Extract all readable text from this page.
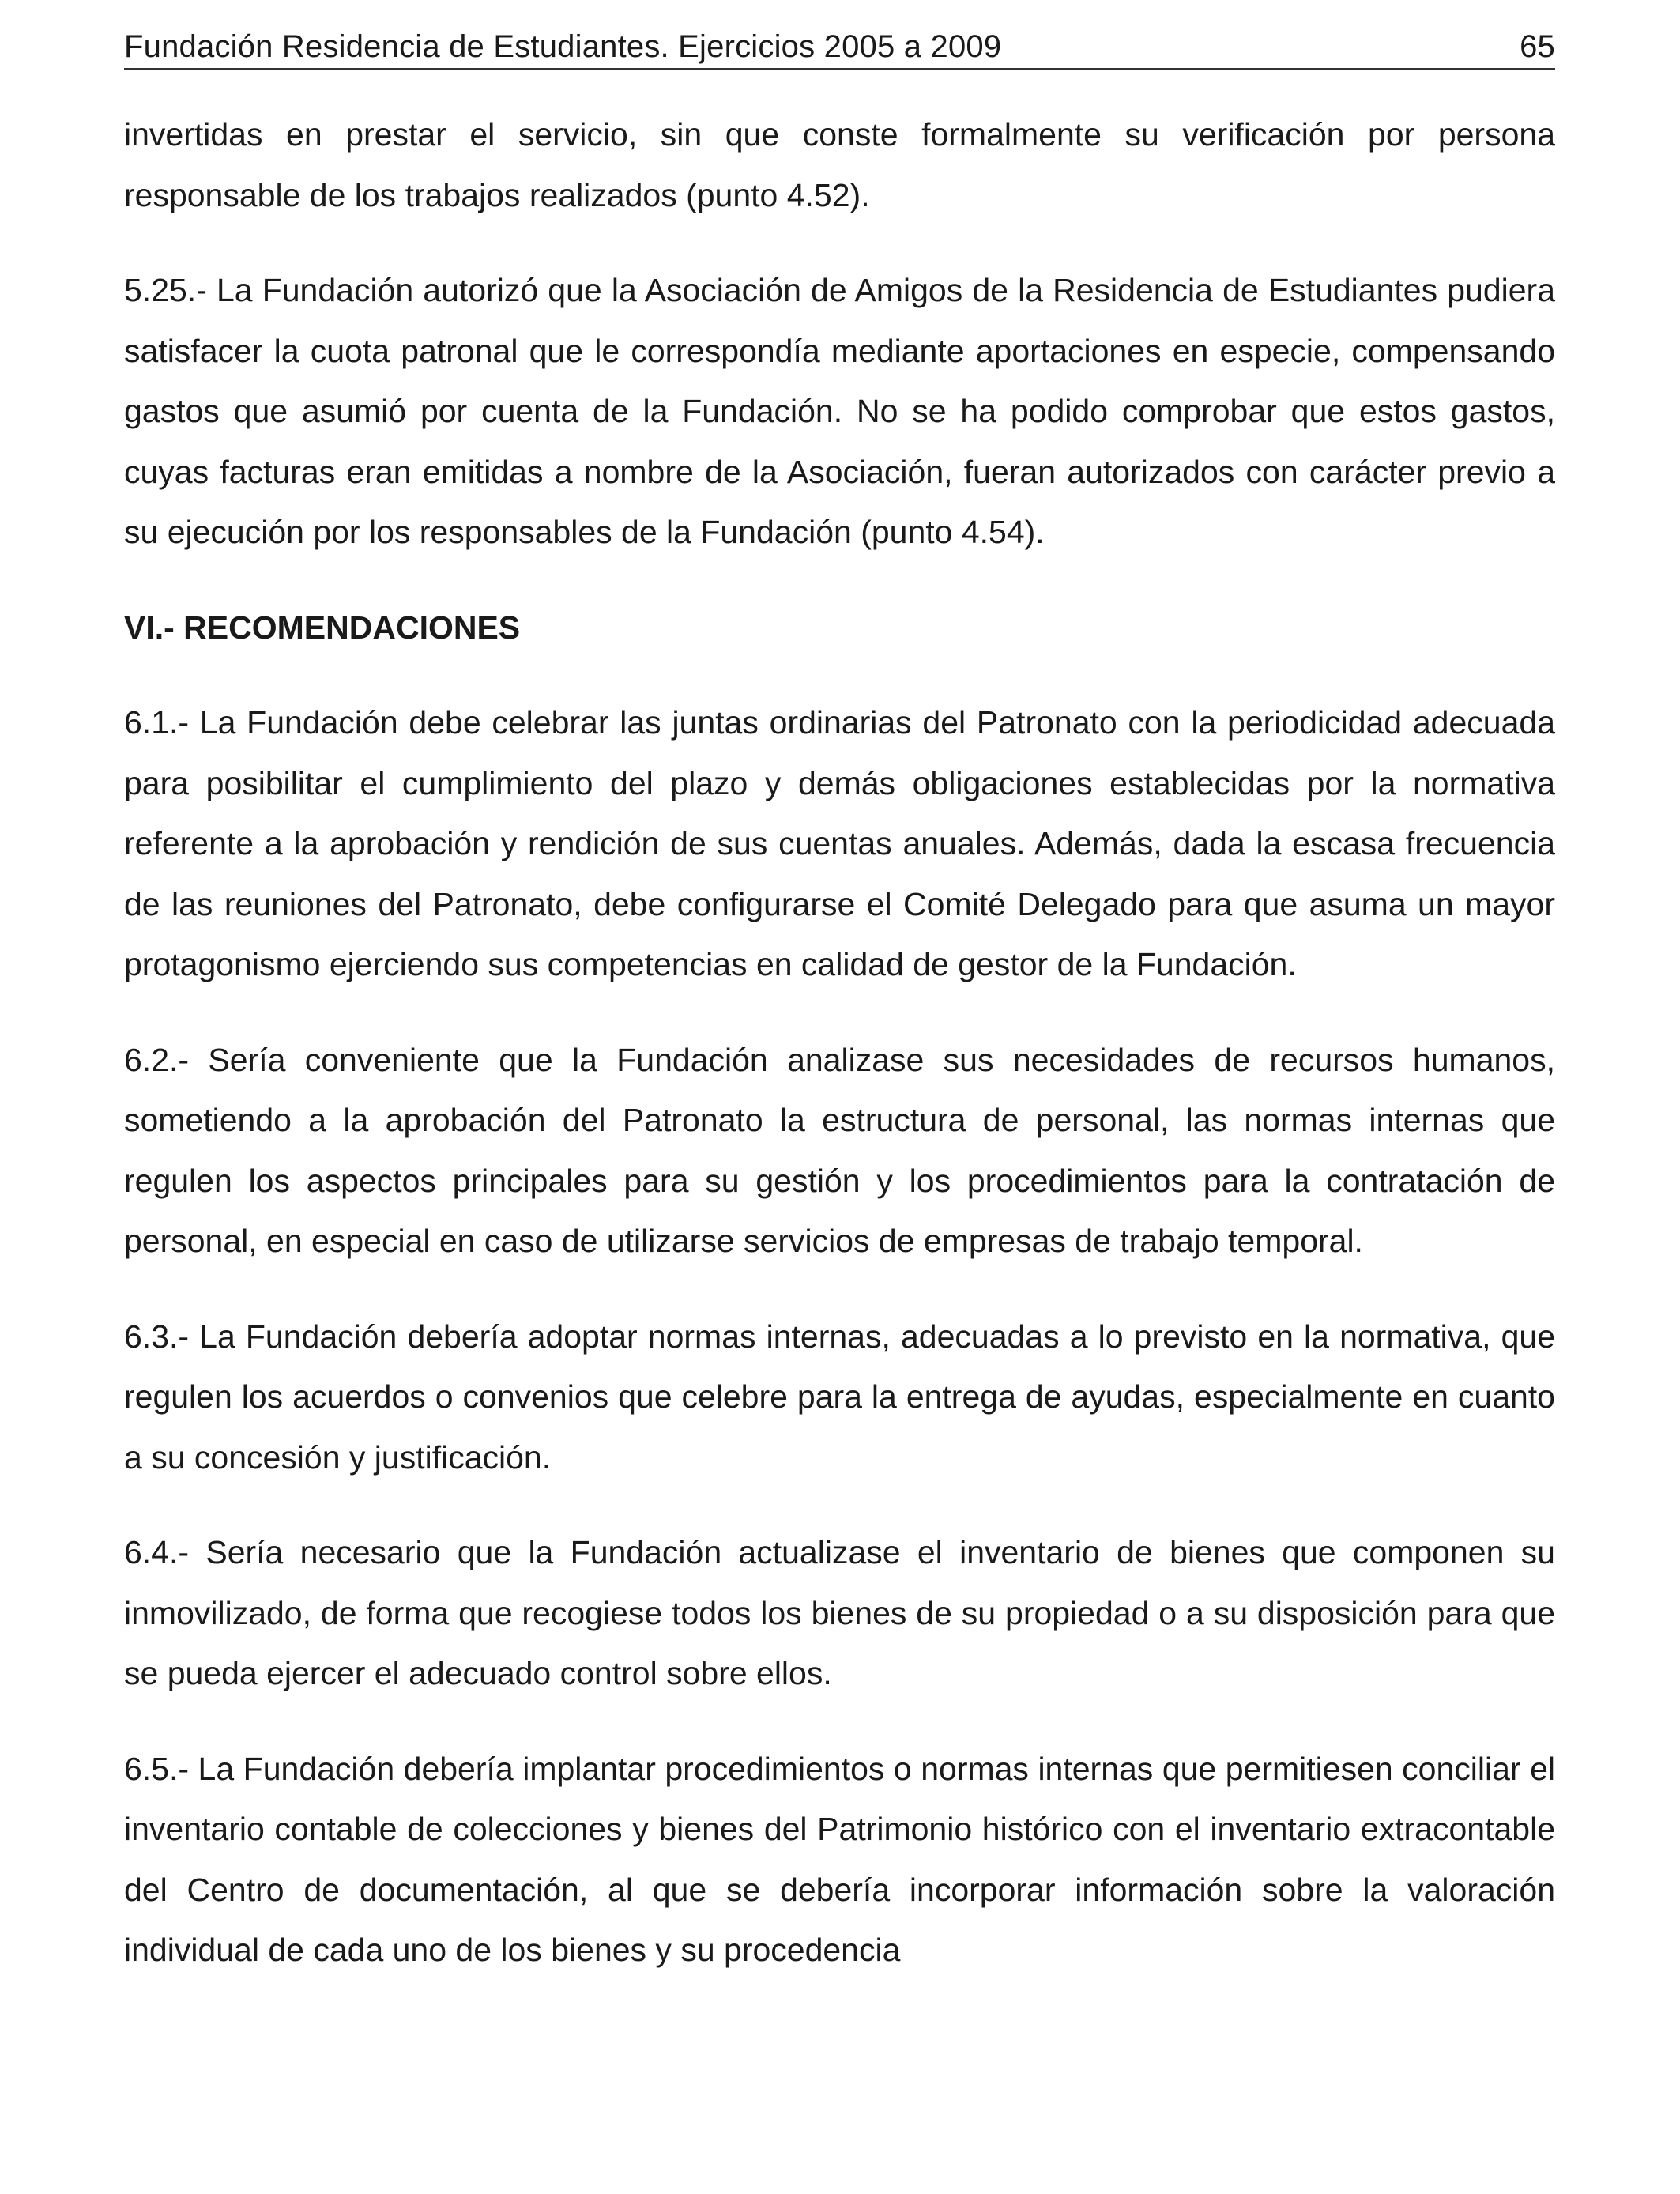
Fundación Residencia de Estudiantes. Ejercicios 2005 a 2009	65

invertidas en prestar el servicio, sin que conste formalmente su verificación por persona responsable de los trabajos realizados (punto 4.52).

5.25.- La Fundación autorizó que la Asociación de Amigos de la Residencia de Estudiantes pudiera satisfacer la cuota patronal que le correspondía mediante aportaciones en especie, compensando gastos que asumió por cuenta de la Fundación. No se ha podido comprobar que estos gastos, cuyas facturas eran emitidas a nombre de la Asociación, fueran autorizados con carácter previo a su ejecución por los responsables de la Fundación (punto 4.54).

VI.- RECOMENDACIONES

6.1.- La Fundación debe celebrar las juntas ordinarias del Patronato con la periodicidad adecuada para posibilitar el cumplimiento del plazo y demás obligaciones establecidas por la normativa referente a la aprobación y rendición de sus cuentas anuales. Además, dada la escasa frecuencia de las reuniones del Patronato, debe configurarse el Comité Delegado para que asuma un mayor protagonismo ejerciendo sus competencias en calidad de gestor de la Fundación.

6.2.- Sería conveniente que la Fundación analizase sus necesidades de recursos humanos, sometiendo a la aprobación del Patronato la estructura de personal, las normas internas que regulen los aspectos principales para su gestión y los procedimientos para la contratación de personal, en especial en caso de utilizarse servicios de empresas de trabajo temporal.

6.3.- La Fundación debería adoptar normas internas, adecuadas a lo previsto en la normativa, que regulen los acuerdos o convenios que celebre para la entrega de ayudas, especialmente en cuanto a su concesión y justificación.

6.4.- Sería necesario que la Fundación actualizase el inventario de bienes que componen su inmovilizado, de forma que recogiese todos los bienes de su propiedad o a su disposición para que se pueda ejercer el adecuado control sobre ellos.

6.5.- La Fundación debería implantar procedimientos o normas internas que permitiesen conciliar el inventario contable de colecciones y bienes del Patrimonio histórico con el inventario extracontable del Centro de documentación, al que se debería incorporar información sobre la valoración individual de cada uno de los bienes y su procedencia
